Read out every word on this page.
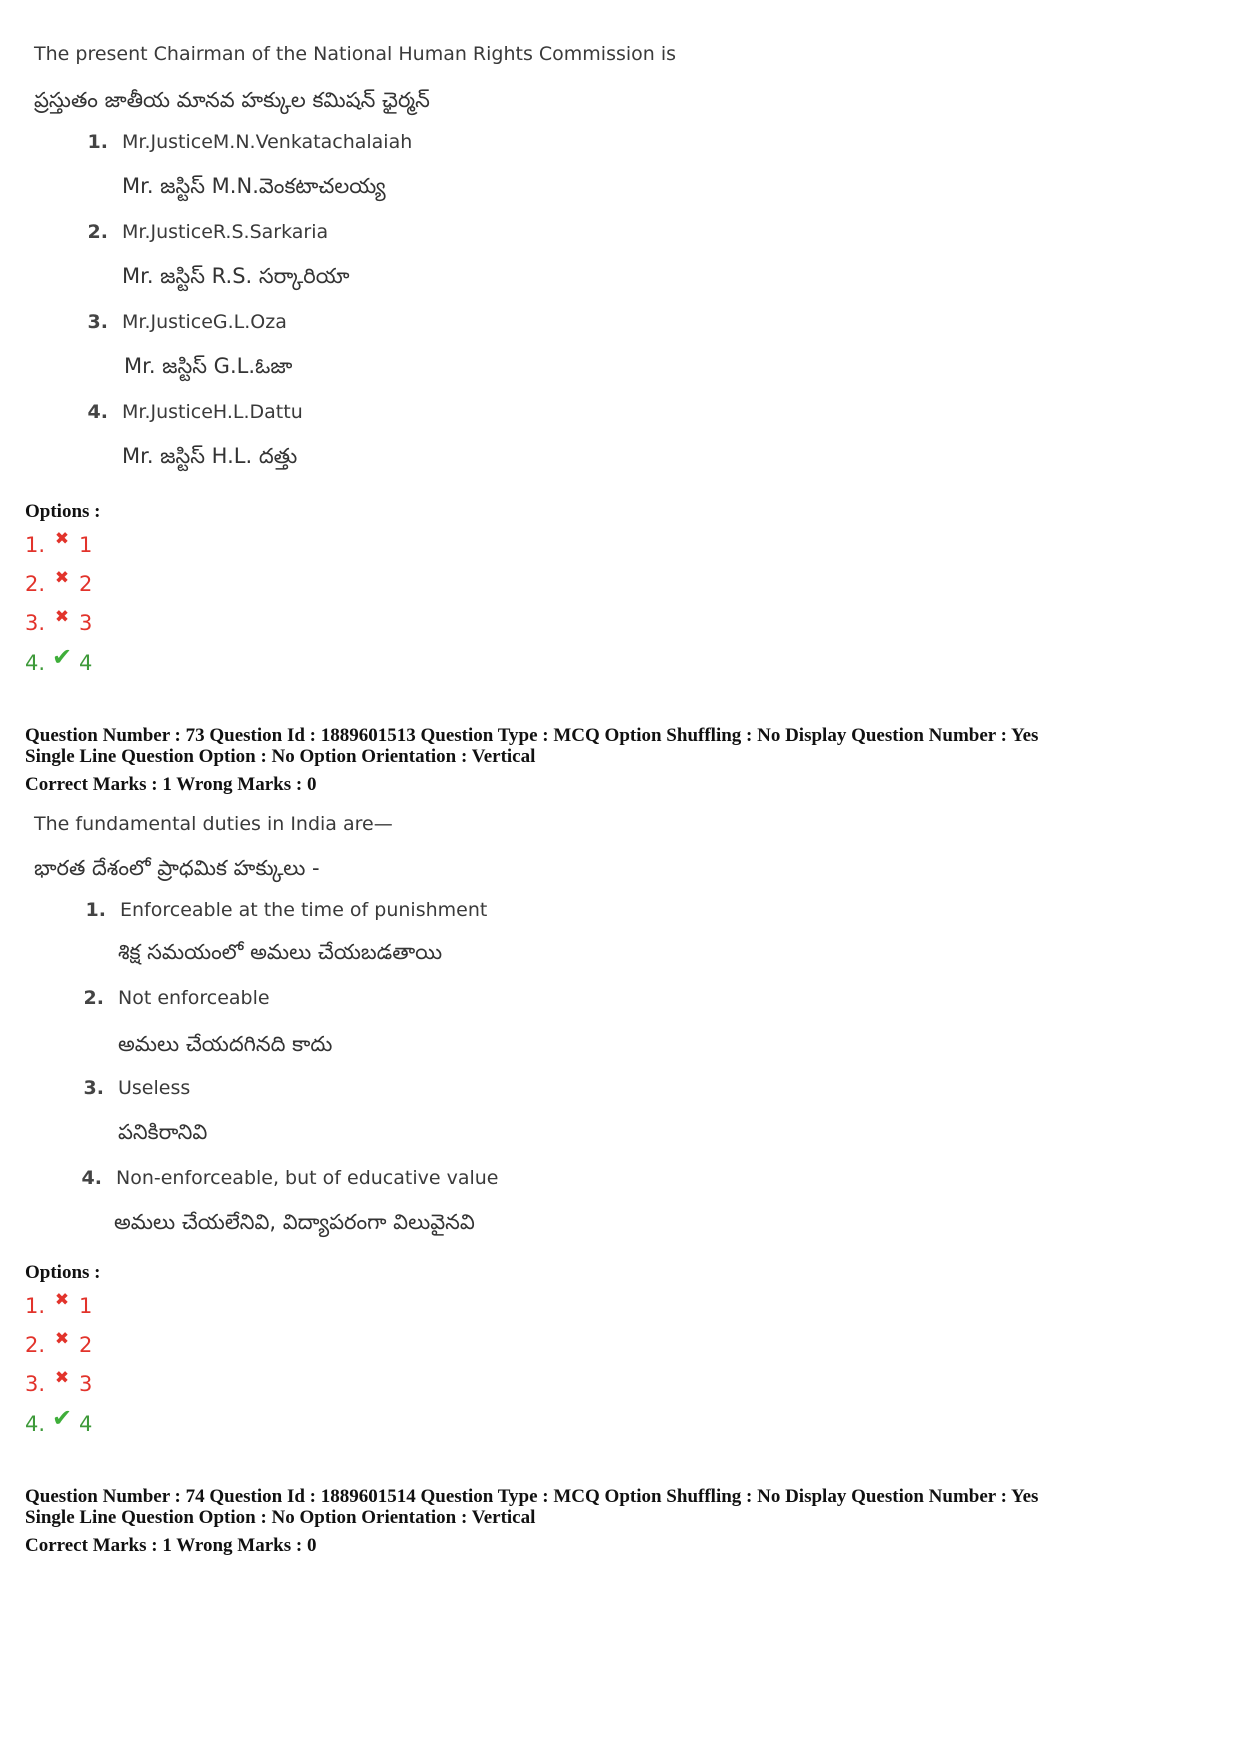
The present Chairman of the National Human Rights Commission is
ప్రస్తుతం జాతీయ మానవ హక్కుల కమిషన్ ఛైర్మన్
1. Mr.JusticeM.N.Venkatachalaiah
Mr. జస్టిస్ M.N.వెంకటాచలయ్య
2. Mr.JusticeR.S.Sarkaria
Mr. జస్టిస్ R.S. సర్కారియా
3. Mr.JusticeG.L.Oza
Mr. జస్టిస్ G.L.ఓజా
4. Mr.JusticeH.L.Dattu
Mr. జస్టిస్ H.L. దత్తు
Options :
1. ✖ 1
2. ✖ 2
3. ✖ 3
4. ✔ 4
Question Number : 73 Question Id : 1889601513 Question Type : MCQ Option Shuffling : No Display Question Number : Yes
Single Line Question Option : No Option Orientation : Vertical
Correct Marks : 1 Wrong Marks : 0
The fundamental duties in India are—
భారత దేశంలో ప్రాధమిక హక్కులు -
1. Enforceable at the time of punishment
శిక్ష సమయంలో అమలు చేయబడతాయి
2. Not enforceable
అమలు చేయదగినది కాదు
3. Useless
పనికిరానివి
4. Non-enforceable, but of educative value
అమలు చేయలేనివి, విద్యాపరంగా విలువైనవి
Options :
1. ✖ 1
2. ✖ 2
3. ✖ 3
4. ✔ 4
Question Number : 74 Question Id : 1889601514 Question Type : MCQ Option Shuffling : No Display Question Number : Yes
Single Line Question Option : No Option Orientation : Vertical
Correct Marks : 1 Wrong Marks : 0
